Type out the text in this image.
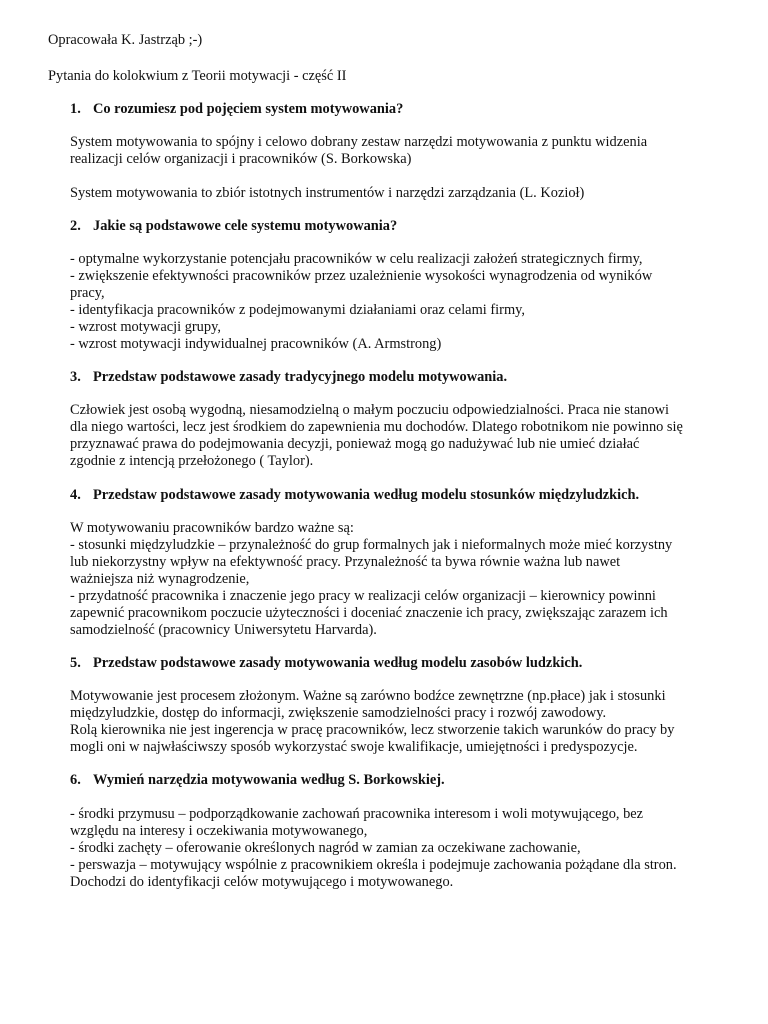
Opracowała K. Jastrząb ;-)
Pytania do kolokwium z Teorii motywacji - część II
1. Co rozumiesz pod pojęciem system motywowania?
System motywowania to spójny i celowo dobrany zestaw narzędzi motywowania z punktu widzenia
realizacji celów organizacji i pracowników (S. Borkowska)
System motywowania to zbiór istotnych instrumentów i narzędzi zarządzania (L. Kozioł)
2. Jakie są podstawowe cele systemu motywowania?
- optymalne wykorzystanie potencjału pracowników w celu realizacji założeń strategicznych firmy,
- zwiększenie efektywności pracowników przez uzależnienie wysokości wynagrodzenia od wyników
pracy,
- identyfikacja pracowników z podejmowanymi działaniami oraz celami firmy,
- wzrost motywacji grupy,
- wzrost motywacji indywidualnej pracowników (A. Armstrong)
3. Przedstaw podstawowe zasady tradycyjnego modelu motywowania.
Człowiek jest osobą wygodną, niesamodzielną o małym poczuciu odpowiedzialności. Praca nie stanowi
dla niego wartości, lecz jest środkiem do zapewnienia mu dochodów. Dlatego robotnikom nie powinno się
przyznawać prawa do podejmowania decyzji, ponieważ mogą go nadużywać lub nie umieć działać
zgodnie z intencją przełożonego ( Taylor).
4. Przedstaw podstawowe zasady motywowania według modelu stosunków międzyludzkich.
W motywowaniu pracowników bardzo ważne są:
- stosunki międzyludzkie – przynależność do grup formalnych jak i nieformalnych może mieć korzystny
lub niekorzystny wpływ na efektywność pracy. Przynależność ta bywa równie ważna lub nawet
ważniejsza niż wynagrodzenie,
- przydatność pracownika i znaczenie jego pracy w realizacji celów organizacji – kierownicy powinni
zapewnić pracownikom poczucie użyteczności i doceniać znaczenie ich pracy, zwiększając zarazem ich
samodzielność (pracownicy Uniwersytetu Harvarda).
5. Przedstaw podstawowe zasady motywowania według modelu zasobów ludzkich.
Motywowanie jest procesem złożonym. Ważne są zarówno bodźce zewnętrzne (np.płace) jak i stosunki
międzyludzkie, dostęp do informacji, zwiększenie samodzielności pracy i rozwój zawodowy.
Rolą kierownika nie jest ingerencja w pracę pracowników, lecz stworzenie takich warunków do pracy by
mogli oni w najwłaściwszy sposób wykorzystać swoje kwalifikacje, umiejętności i predyspozycje.
6. Wymień narzędzia motywowania według S. Borkowskiej.
- środki przymusu – podporządkowanie zachowań pracownika interesom i woli motywującego, bez
względu na interesy i oczekiwania motywowanego,
- środki zachęty – oferowanie określonych nagród w zamian za oczekiwane zachowanie,
- perswazja – motywujący wspólnie z pracownikiem określa i podejmuje zachowania pożądane dla stron.
Dochodzi do identyfikacji celów motywującego i motywowanego.
